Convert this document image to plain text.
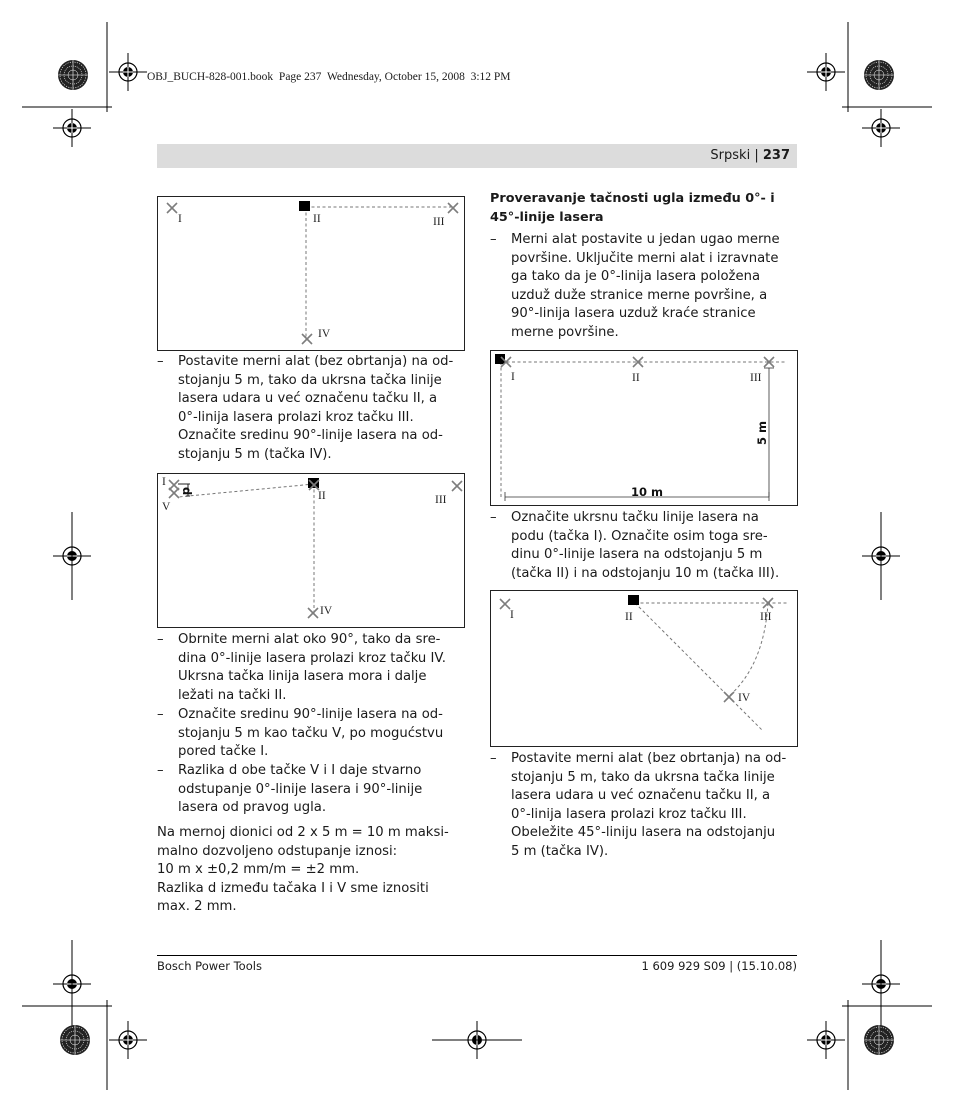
OBJ_BUCH-828-001.book  Page 237  Wednesday, October 15, 2008  3:12 PM
Srpski | 237
I	II	III
IV
– Postavite merni alat (bez obrtanja) na od-
stojanju 5 m, tako da ukrsna tačka linije
lasera udara u već označenu tačku II, a
0°-linija lasera prolazi kroz tačku III.
Označite sredinu 90°-linije lasera na od-
stojanju 5 m (tačka IV).
I
V
d	II	III
IV
– Obrnite merni alat oko 90°, tako da sre-
dina 0°-linije lasera prolazi kroz tačku IV.
Ukrsna tačka linija lasera mora i dalje
ležati na tački II.
– Označite sredinu 90°-linije lasera na od-
stojanju 5 m kao tačku V, po mogućstvu
pored tačke I.
– Razlika d obe tačke V i I daje stvarno
odstupanje 0°-linije lasera i 90°-linije
lasera od pravog ugla.
Na mernoj dionici od 2 x 5 m = 10 m maksi-
malno dozvoljeno odstupanje iznosi:
10 m x ±0,2 mm/m = ±2 mm.
Razlika d između tačaka I i V sme iznositi
max. 2 mm.
Proveravanje tačnosti ugla između 0°- i
45°-linije lasera
– Merni alat postavite u jedan ugao merne
površine. Uključite merni alat i izravnate
ga tako da je 0°-linija lasera položena
uzduž duže stranice merne površine, a
90°-linija lasera uzduž kraće stranice
merne površine.
I	II	III
10 m
5 m
– Označite ukrsnu tačku linije lasera na
podu (tačka I). Označite osim toga sre-
dinu 0°-linije lasera na odstojanju 5 m
(tačka II) i na odstojanju 10 m (tačka III).
I	II	III
IV
– Postavite merni alat (bez obrtanja) na od-
stojanju 5 m, tako da ukrsna tačka linije
lasera udara u već označenu tačku II, a
0°-linija lasera prolazi kroz tačku III.
Obeležite 45°-liniju lasera na odstojanju
5 m (tačka IV).
Bosch Power Tools	1 609 929 S09 | (15.10.08)
